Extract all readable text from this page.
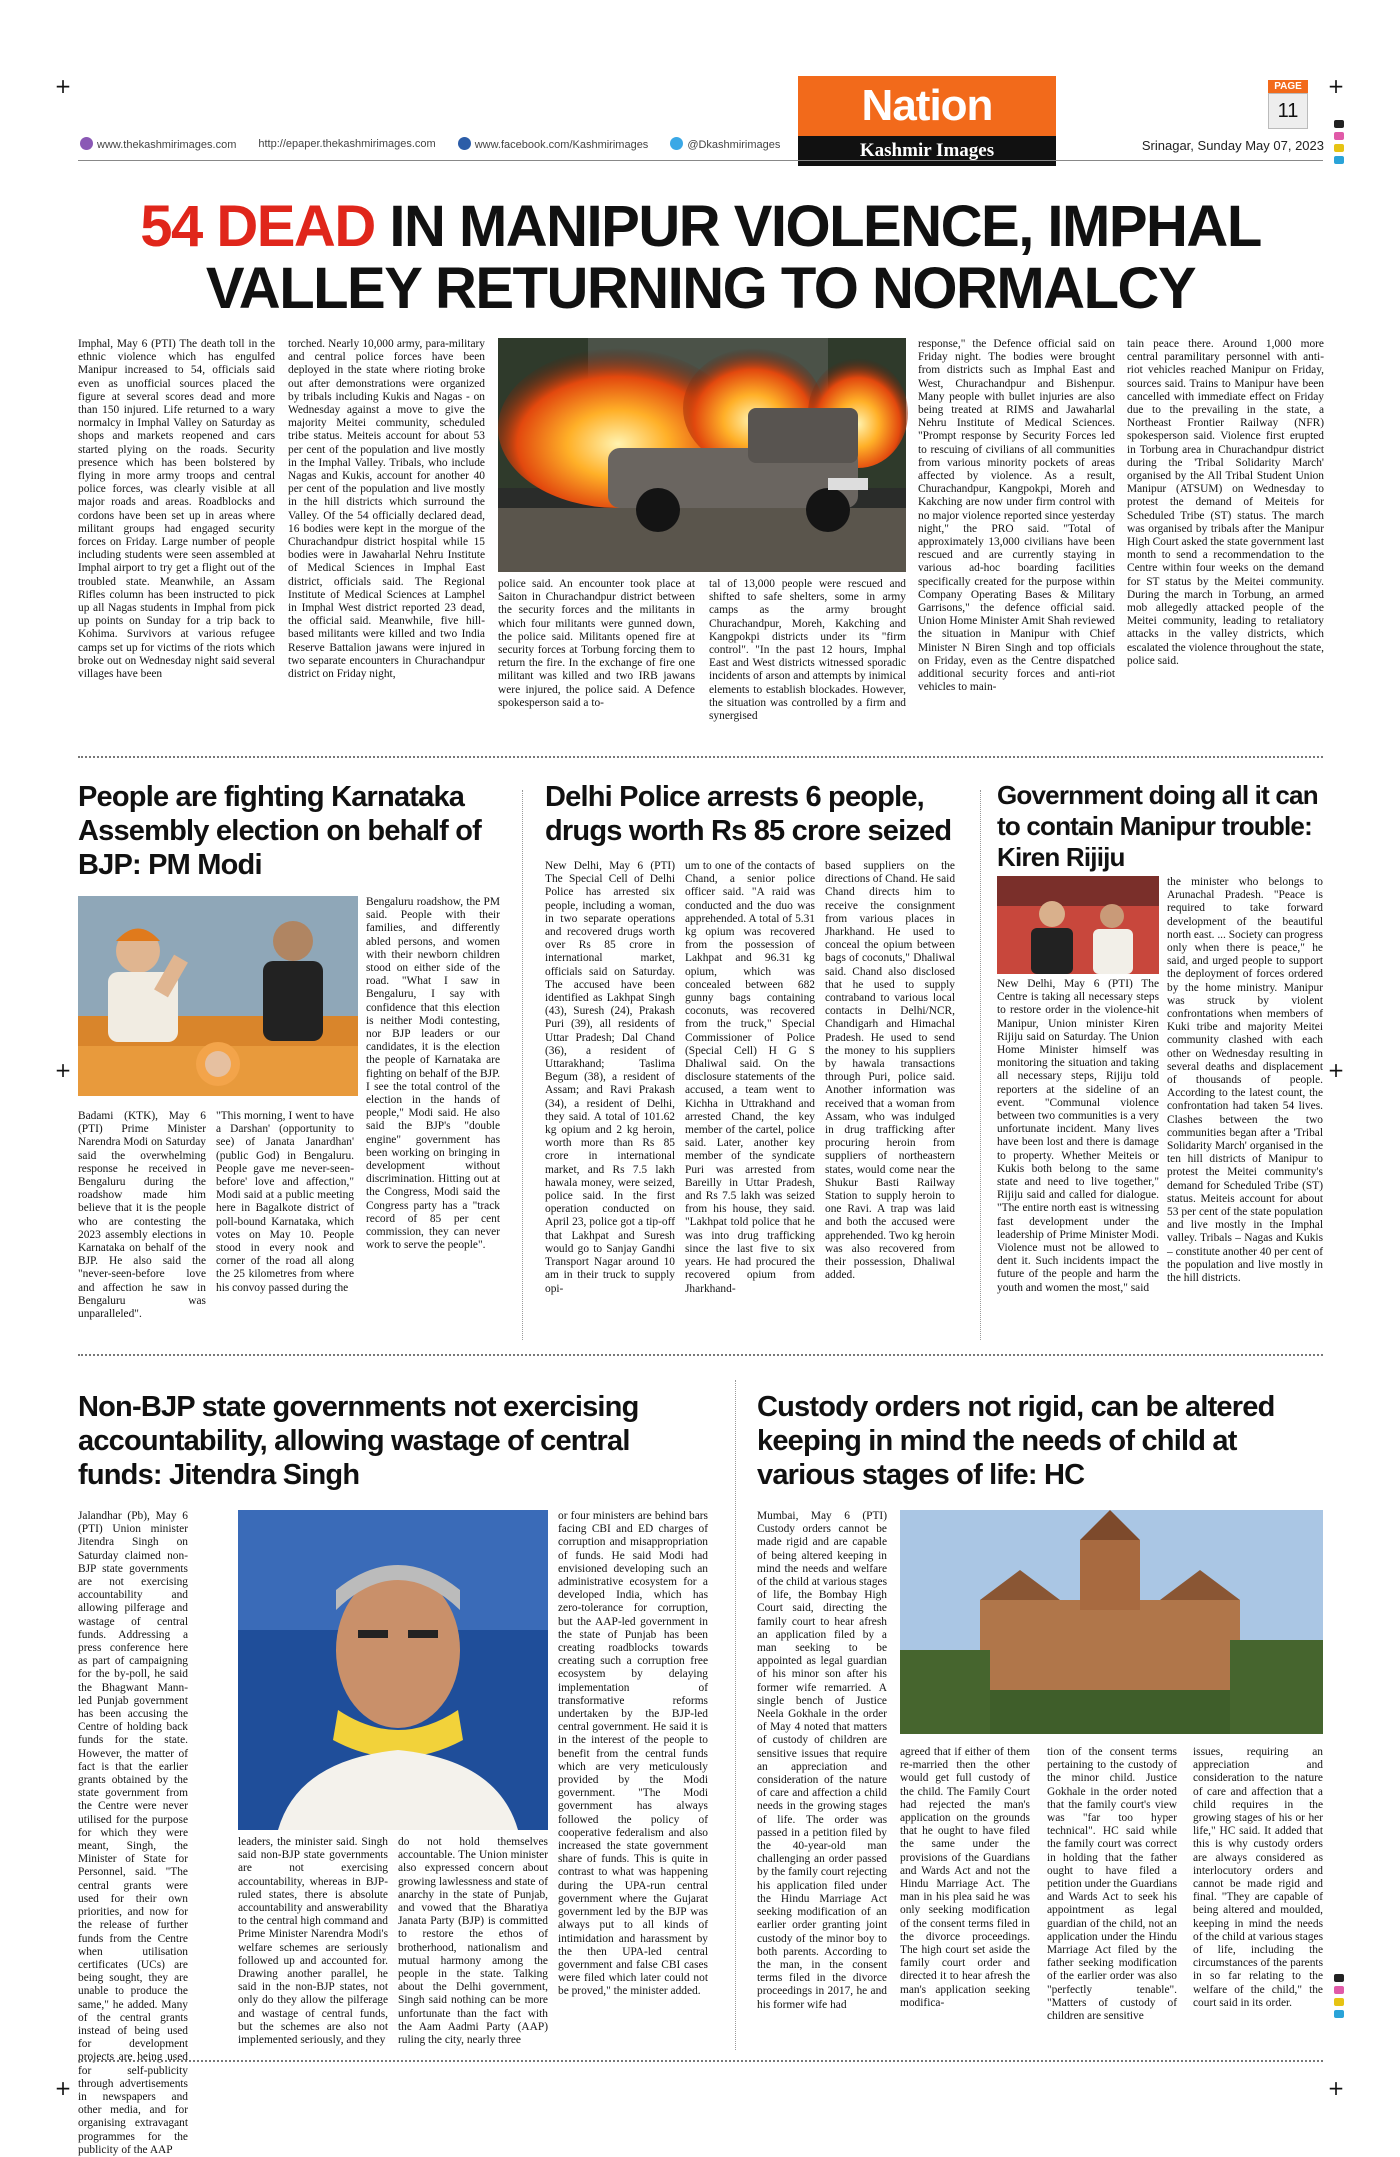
+	+
+	+
+	+
www.thekashmirimages.com http://epaper.thekashmirimages.com	www.facebook.com/Kashmirimages	@Dkashmirimages
Nation
Kashmir Images
PAGE
11
Srinagar, Sunday May 07, 2023
54 DEAD IN MANIPUR VIOLENCE, IMPHAL
VALLEY RETURNING TO NORMALCY
Imphal, May 6 (PTI) The death toll in the ethnic violence which has engulfed Manipur increased to 54, officials said even as unofficial sources placed the figure at several scores dead and more than 150 injured. Life returned to a wary normalcy in Imphal Valley on Saturday as shops and markets reopened and cars started plying on the roads. Security presence which has been bolstered by flying in more army troops and central police forces, was clearly visible at all major roads and areas. Roadblocks and cordons have been set up in areas where militant groups had engaged security forces on Friday. Large number of people including students were seen assembled at Imphal airport to try get a flight out of the troubled state. Meanwhile, an Assam Rifles column has been instructed to pick up all Nagas students in Imphal from pick up points on Sunday for a trip back to Kohima. Survivors at various refugee camps set up for victims of the riots which broke out on Wednesday night said several villages have been
torched. Nearly 10,000 army, para-military and central police forces have been deployed in the state where rioting broke out after demonstrations were organized by tribals including Kukis and Nagas - on Wednesday against a move to give the majority Meitei community, scheduled tribe status. Meiteis account for about 53 per cent of the population and live mostly in the Imphal Valley. Tribals, who include Nagas and Kukis, account for another 40 per cent of the population and live mostly in the hill districts which surround the Valley. Of the 54 officially declared dead, 16 bodies were kept in the morgue of the Churachandpur district hospital while 15 bodies were in Jawaharlal Nehru Institute of Medical Sciences in Imphal East district, officials said. The Regional Institute of Medical Sciences at Lamphel in Imphal West district reported 23 dead, the official said. Meanwhile, five hill-based militants were killed and two India Reserve Battalion jawans were injured in two separate encounters in Churachandpur district on Friday night,
police said. An encounter took place at Saiton in Churachandpur district between the security forces and the militants in which four militants were gunned down, the police said. Militants opened fire at security forces at Torbung forcing them to return the fire. In the exchange of fire one militant was killed and two IRB jawans were injured, the police said. A Defence spokesperson said a to-
tal of 13,000 people were rescued and shifted to safe shelters, some in army camps as the army brought Churachandpur, Moreh, Kakching and Kangpokpi districts under its "firm control". "In the past 12 hours, Imphal East and West districts witnessed sporadic incidents of arson and attempts by inimical elements to establish blockades. However, the situation was controlled by a firm and synergised
response," the Defence official said on Friday night. The bodies were brought from districts such as Imphal East and West, Churachandpur and Bishenpur. Many people with bullet injuries are also being treated at RIMS and Jawaharlal Nehru Institute of Medical Sciences. "Prompt response by Security Forces led to rescuing of civilians of all communities from various minority pockets of areas affected by violence. As a result, Churachandpur, Kangpokpi, Moreh and Kakching are now under firm control with no major violence reported since yesterday night," the PRO said. "Total of approximately 13,000 civilians have been rescued and are currently staying in various ad-hoc boarding facilities specifically created for the purpose within Company Operating Bases & Military Garrisons," the defence official said. Union Home Minister Amit Shah reviewed the situation in Manipur with Chief Minister N Biren Singh and top officials on Friday, even as the Centre dispatched additional security forces and anti-riot vehicles to main-
tain peace there. Around 1,000 more central paramilitary personnel with anti-riot vehicles reached Manipur on Friday, sources said. Trains to Manipur have been cancelled with immediate effect on Friday due to the prevailing in the state, a Northeast Frontier Railway (NFR) spokesperson said. Violence first erupted in Torbung area in Churachandpur district during the 'Tribal Solidarity March' organised by the All Tribal Student Union Manipur (ATSUM) on Wednesday to protest the demand of Meiteis for Scheduled Tribe (ST) status. The march was organised by tribals after the Manipur High Court asked the state government last month to send a recommendation to the Centre within four weeks on the demand for ST status by the Meitei community. During the march in Torbung, an armed mob allegedly attacked people of the Meitei community, leading to retaliatory attacks in the valley districts, which escalated the violence throughout the state, police said.
People are fighting Karnataka Assembly election on behalf of BJP: PM Modi
Badami (KTK), May 6 (PTI) Prime Minister Narendra Modi on Saturday said the overwhelming response he received in Bengaluru during the roadshow made him believe that it is the people who are contesting the 2023 assembly elections in Karnataka on behalf of the BJP. He also said the "never-seen-before love and affection he saw in Bengaluru was unparalleled".
"This morning, I went to have a Darshan' (opportunity to see) of Janata Janardhan' (public God) in Bengaluru. People gave me never-seen-before' love and affection," Modi said at a public meeting here in Bagalkote district of poll-bound Karnataka, which votes on May 10. People stood in every nook and corner of the road all along the 25 kilometres from where his convoy passed during the
Bengaluru roadshow, the PM said. People with their families, and differently abled persons, and women with their newborn children stood on either side of the road. "What I saw in Bengaluru, I say with confidence that this election is neither Modi contesting, nor BJP leaders or our candidates, it is the election the people of Karnataka are fighting on behalf of the BJP. I see the total control of the election in the hands of people," Modi said. He also said the BJP's "double engine" government has been working on bringing in development without discrimination. Hitting out at the Congress, Modi said the Congress party has a "track record of 85 per cent commission, they can never work to serve the people".
Delhi Police arrests 6 people, drugs worth Rs 85 crore seized
New Delhi, May 6 (PTI) The Special Cell of Delhi Police has arrested six people, including a woman, in two separate operations and recovered drugs worth over Rs 85 crore in international market, officials said on Saturday. The accused have been identified as Lakhpat Singh (43), Suresh (24), Prakash Puri (39), all residents of Uttar Pradesh; Dal Chand (36), a resident of Uttarakhand; Taslima Begum (38), a resident of Assam; and Ravi Prakash (34), a resident of Delhi, they said. A total of 101.62 kg opium and 2 kg heroin, worth more than Rs 85 crore in international market, and Rs 7.5 lakh hawala money, were seized, police said. In the first operation conducted on April 23, police got a tip-off that Lakhpat and Suresh would go to Sanjay Gandhi Transport Nagar around 10 am in their truck to supply opi-
um to one of the contacts of Chand, a senior police officer said. "A raid was conducted and the duo was apprehended. A total of 5.31 kg opium was recovered from the possession of Lakhpat and 96.31 kg opium, which was concealed between 682 gunny bags containing coconuts, was recovered from the truck," Special Commissioner of Police (Special Cell) H G S Dhaliwal said. On the disclosure statements of the accused, a team went to Kichha in Uttrakhand and arrested Chand, the key member of the cartel, police said. Later, another key member of the syndicate Puri was arrested from Bareilly in Uttar Pradesh, and Rs 7.5 lakh was seized from his house, they said. "Lakhpat told police that he was into drug trafficking since the last five to six years. He had procured the recovered opium from Jharkhand-
based suppliers on the directions of Chand. He said Chand directs him to receive the consignment from various places in Jharkhand. He used to conceal the opium between bags of coconuts," Dhaliwal said. Chand also disclosed that he used to supply contraband to various local contacts in Delhi/NCR, Chandigarh and Himachal Pradesh. He used to send the money to his suppliers by hawala transactions through Puri, police said. Another information was received that a woman from Assam, who was indulged in drug trafficking after procuring heroin from suppliers of northeastern states, would come near the Shukur Basti Railway Station to supply heroin to one Ravi. A trap was laid and both the accused were apprehended. Two kg heroin was also recovered from their possession, Dhaliwal added.
Government doing all it can to contain Manipur trouble: Kiren Rijiju
New Delhi, May 6 (PTI) The Centre is taking all necessary steps to restore order in the violence-hit Manipur, Union minister Kiren Rijiju said on Saturday. The Union Home Minister himself was monitoring the situation and taking all necessary steps, Rijiju told reporters at the sideline of an event. "Communal violence between two communities is a very unfortunate incident. Many lives have been lost and there is damage to property. Whether Meiteis or Kukis both belong to the same state and need to live together," Rijiju said and called for dialogue. "The entire north east is witnessing fast development under the leadership of Prime Minister Modi. Violence must not be allowed to dent it. Such incidents impact the future of the people and harm the youth and women the most," said
the minister who belongs to Arunachal Pradesh. "Peace is required to take forward development of the beautiful north east. ... Society can progress only when there is peace," he said, and urged people to support the deployment of forces ordered by the home ministry. Manipur was struck by violent confrontations when members of Kuki tribe and majority Meitei community clashed with each other on Wednesday resulting in several deaths and displacement of thousands of people. According to the latest count, the confrontation had taken 54 lives. Clashes between the two communities began after a 'Tribal Solidarity March' organised in the ten hill districts of Manipur to protest the Meitei community's demand for Scheduled Tribe (ST) status. Meiteis account for about 53 per cent of the state population and live mostly in the Imphal valley. Tribals – Nagas and Kukis – constitute another 40 per cent of the population and live mostly in the hill districts.
Non-BJP state governments not exercising accountability, allowing wastage of central funds: Jitendra Singh
Jalandhar (Pb), May 6 (PTI) Union minister Jitendra Singh on Saturday claimed non-BJP state governments are not exercising accountability and allowing pilferage and wastage of central funds. Addressing a press conference here as part of campaigning for the by-poll, he said the Bhagwant Mann-led Punjab government has been accusing the Centre of holding back funds for the state. However, the matter of fact is that the earlier grants obtained by the state government from the Centre were never utilised for the purpose for which they were meant, Singh, the Minister of State for Personnel, said. "The central grants were used for their own priorities, and now for the release of further funds from the Centre when utilisation certificates (UCs) are being sought, they are unable to produce the same," he added. Many of the central grants instead of being used for development projects are being used for self-publicity through advertisements in newspapers and other media, and for organising extravagant programmes for the publicity of the AAP
leaders, the minister said. Singh said non-BJP state governments are not exercising accountability, whereas in BJP-ruled states, there is absolute accountability and answerability to the central high command and Prime Minister Narendra Modi's welfare schemes are seriously followed up and accounted for. Drawing another parallel, he said in the non-BJP states, not only do they allow the pilferage and wastage of central funds, but the schemes are also not implemented seriously, and they
do not hold themselves accountable. The Union minister also expressed concern about growing lawlessness and state of anarchy in the state of Punjab, and vowed that the Bharatiya Janata Party (BJP) is committed to restore the ethos of brotherhood, nationalism and mutual harmony among the people in the state. Talking about the Delhi government, Singh said nothing can be more unfortunate than the fact with the Aam Aadmi Party (AAP) ruling the city, nearly three
or four ministers are behind bars facing CBI and ED charges of corruption and misappropriation of funds. He said Modi had envisioned developing such an administrative ecosystem for a developed India, which has zero-tolerance for corruption, but the AAP-led government in the state of Punjab has been creating roadblocks towards creating such a corruption free ecosystem by delaying implementation of transformative reforms undertaken by the BJP-led central government. He said it is in the interest of the people to benefit from the central funds which are very meticulously provided by the Modi government. "The Modi government has always followed the policy of cooperative federalism and also increased the state government share of funds. This is quite in contrast to what was happening during the UPA-run central government where the Gujarat government led by the BJP was always put to all kinds of intimidation and harassment by the then UPA-led central government and false CBI cases were filed which later could not be proved," the minister added.
Custody orders not rigid, can be altered keeping in mind the needs of child at various stages of life: HC
Mumbai, May 6 (PTI) Custody orders cannot be made rigid and are capable of being altered keeping in mind the needs and welfare of the child at various stages of life, the Bombay High Court said, directing the family court to hear afresh an application filed by a man seeking to be appointed as legal guardian of his minor son after his former wife remarried. A single bench of Justice Neela Gokhale in the order of May 4 noted that matters of custody of children are sensitive issues that require an appreciation and consideration of the nature of care and affection a child needs in the growing stages of life. The order was passed in a petition filed by the 40-year-old man challenging an order passed by the family court rejecting his application filed under the Hindu Marriage Act seeking modification of an earlier order granting joint custody of the minor boy to both parents. According to the man, in the consent terms filed in the divorce proceedings in 2017, he and his former wife had
agreed that if either of them re-married then the other would get full custody of the child. The Family Court had rejected the man's application on the grounds that he ought to have filed the same under the provisions of the Guardians and Wards Act and not the Hindu Marriage Act. The man in his plea said he was only seeking modification of the consent terms filed in the divorce proceedings. The high court set aside the family court order and directed it to hear afresh the man's application seeking modifica-
tion of the consent terms pertaining to the custody of the minor child. Justice Gokhale in the order noted that the family court's view was "far too hyper technical". HC said while the family court was correct in holding that the father ought to have filed a petition under the Guardians and Wards Act to seek his appointment as legal guardian of the child, not an application under the Hindu Marriage Act filed by the father seeking modification of the earlier order was also "perfectly tenable". "Matters of custody of children are sensitive
issues, requiring an appreciation and consideration to the nature of care and affection that a child requires in the growing stages of his or her life," HC said. It added that this is why custody orders are always considered as interlocutory orders and cannot be made rigid and final. "They are capable of being altered and moulded, keeping in mind the needs of the child at various stages of life, including the circumstances of the parents in so far relating to the welfare of the child," the court said in its order.
